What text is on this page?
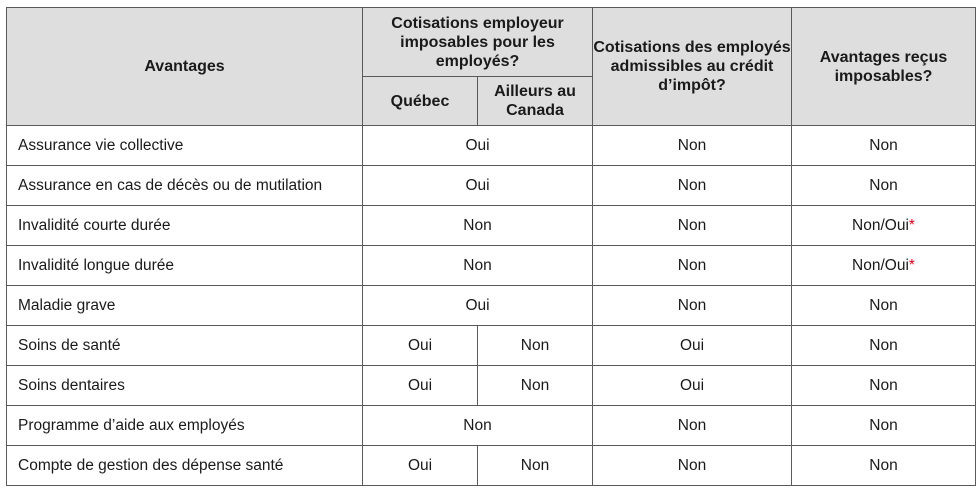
Avantages	Cotisations employeur imposables pour les employés?		Cotisations des employés admissibles au crédit d’impôt?	Avantages reçus imposables?
	Québec	Ailleurs au Canada		
Assurance vie collective	Oui		Non	Non
Assurance en cas de décès ou de mutilation	Oui		Non	Non
Invalidité courte durée	Non		Non	Non/Oui*
Invalidité longue durée	Non		Non	Non/Oui*
Maladie grave	Oui		Non	Non
Soins de santé	Oui	Non	Oui	Non
Soins dentaires	Oui	Non	Oui	Non
Programme d’aide aux employés	Non		Non	Non
Compte de gestion des dépense santé	Oui	Non	Non	Non
